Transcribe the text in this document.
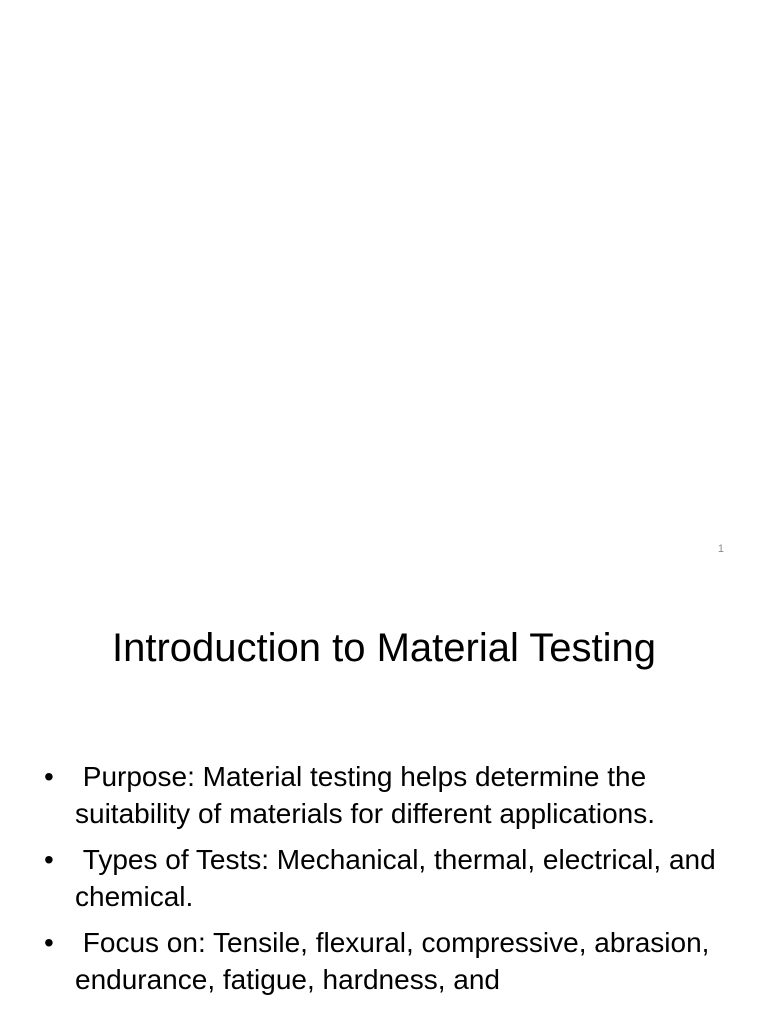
1
Introduction to Material Testing
• Purpose: Material testing helps determine the suitability of materials for different applications.
• Types of Tests: Mechanical, thermal, electrical, and chemical.
• Focus on: Tensile, flexural, compressive, abrasion, endurance, fatigue, hardness, and
